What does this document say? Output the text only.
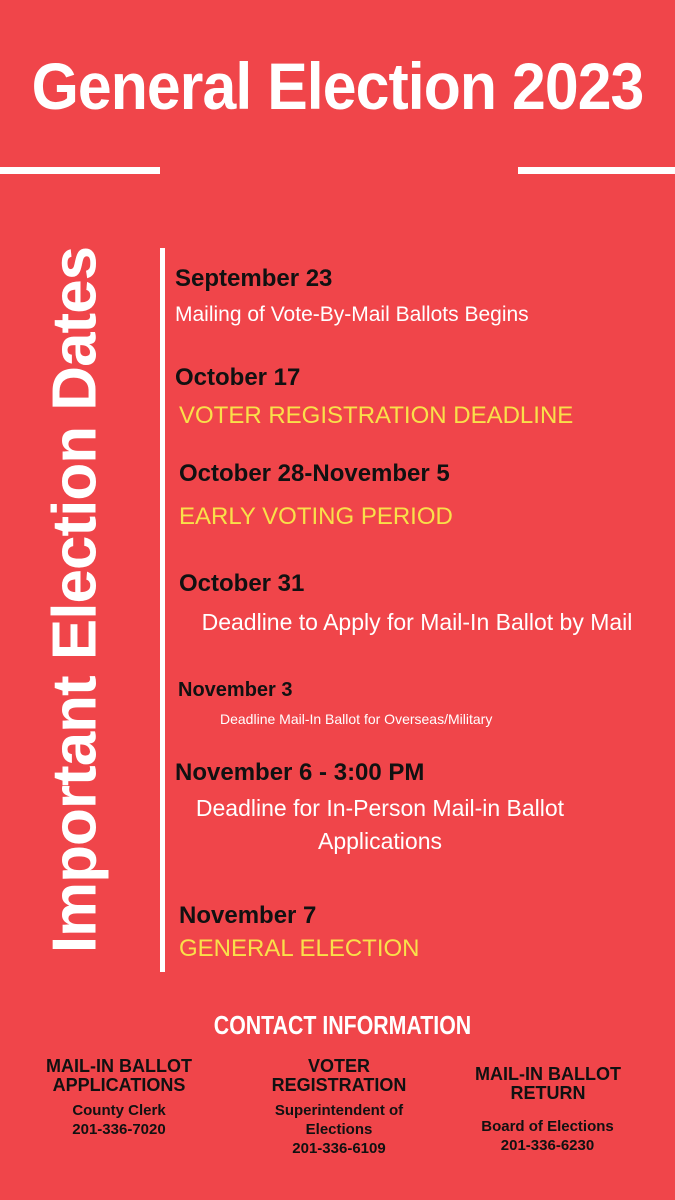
General Election 2023
Important Election Dates	September 23
Mailing of Vote-By-Mail Ballots Begins
October 17
VOTER REGISTRATION DEADLINE
October 28-November 5
EARLY VOTING PERIOD
October 31
Deadline to Apply for Mail-In Ballot by Mail
November 3
Deadline Mail-In Ballot for Overseas/Military
November 6 - 3:00 PM
Deadline for In-Person Mail-in Ballot Applications
November 7
GENERAL ELECTION
CONTACT INFORMATION
MAIL-IN BALLOT APPLICATIONS
County Clerk
201-336-7020
VOTER REGISTRATION
Superintendent of Elections
201-336-6109
MAIL-IN BALLOT RETURN
Board of Elections
201-336-6230
